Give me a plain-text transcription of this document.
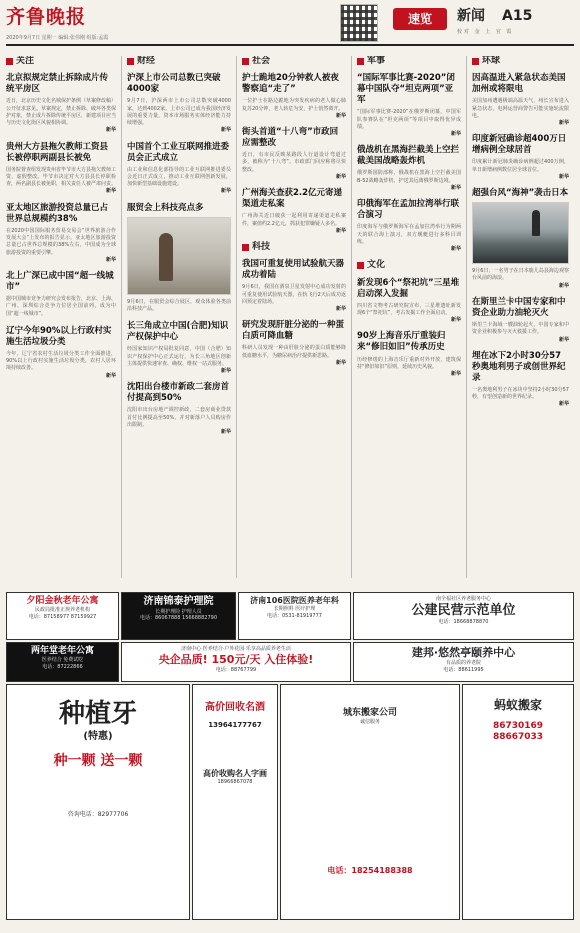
齐鲁晚报
2020年9月7日 星期一 编辑:张伟刚 组版:孟霞
速览	新闻 A15
校对 金 上 官 霞
关注
北京拟规定禁止拆除成片传统平房区

近日，北京历史文化名城保护条例（草案修改稿）公开征求意见。草案规定，禁止拆除、破坏各类保护对象，禁止成片拆除传统平房区，新建项目应当与历史文化街区风貌相协调。

新华
贵州大方县拖欠教师工资县长被停职两副县长被免

国务院督查组发现贵州省毕节市大方县拖欠教师工资，虚假整改。毕节市决定对大方县县长停职检查，两名副县长被免职，相关责任人被严肃问责。

新华
亚太地区旅游投资总量已占世界总规模约38%

在2020中国国际服务贸易交易会“世界旅游合作发展大会”上发布的报告显示，亚太地区旅游投资总量已占世界总规模的38%左右，中国成为全球旅游投资的重要引擎。

新华
北上广深已成中国“超一线城市”

据中国城市竞争力研究会发布报告，北京、上海、广州、深圳综合竞争力位居全国前列，成为中国“超一线城市”。

辽宁今年90%以上行政村实施生活垃圾分类

今年，辽宁省农村生活垃圾分类工作全面推进，90%以上行政村实施生活垃圾分类，农村人居环境持续改善。

新华
财经
沪深上市公司总数已突破4000家

9月7日，沪深两市上市公司总数突破4000家，达到4002家。上市公司已成为我国经济发展的重要力量，资本市场服务实体经济能力持续增强。

新华
中国首个工业互联网推进委员会正式成立

由工业和信息化部指导的工业互联网推进委员会近日正式成立，推动工业互联网创新发展，加快新型基础设施建设。

新华
服贸会上科技亮点多

9月6日，在服贸会综合展区，观众体验各类前沿科技产品。

长三角成立中国(合肥)知识产权保护中心

经国家知识产权局批复同意，中国（合肥）知识产权保护中心正式运行，为长三角地区创新主体提供快速审查、确权、维权一站式服务。

新华
沈阳出台楼市新政二套房首付提高到50%

沈阳市出台房地产调控新政，二套房商业贷款首付比例提高至50%，并对新落户人员购房作出限制。

新华
社会
护士跪地20分钟救人被夜警察追“走了”

一位护士在路边跪地为突发疾病的老人做心肺复苏20分钟，老人转危为安，护士悄然离开。

新华
街头首道“十八弯”市政回应需整改

近日，有市民反映某路段人行道设计弯道过多，被称为“十八弯”。市政部门回应称将尽快整改。

新华
广州海关查获2.2亿元寄递渠道走私案

广州海关近日破获一起利用寄递渠道走私案件，案值约2.2亿元，抓获犯罪嫌疑人多名。

新华
科技
我国可重复使用试验航天器成功着陆

9月6日，我国在酒泉卫星发射中心成功发射的可重复使用试验航天器，在轨飞行2天后成功返回预定着陆场。

新华
研究发现肝脏分泌的一种蛋白质可降血糖

科研人员发现一种由肝脏分泌的蛋白质能够降低血糖水平，为糖尿病治疗提供新思路。

新华
军事
“国际军事比赛-2020”闭幕中国队夺“坦克两项”亚军

“国际军事比赛-2020”在俄罗斯闭幕，中国军队参赛队在“坦克两项”等项目中取得优异成绩。

新华
俄战机在黑海拦截美上空拦截美国战略轰炸机

俄罗斯国防部称，俄战机在黑海上空拦截美国B-52战略轰炸机，护送其远离俄罗斯边境。

新华
印俄海军在孟加拉湾举行联合演习

印度海军与俄罗斯海军在孟加拉湾举行为期两天的联合海上演习，双方舰艇进行多科目训练。

新华
文化
新发现6个“祭祀坑”三星堆启动深入发掘

四川省文物考古研究院宣布，三星堆遗址新发现6个“祭祀坑”，考古发掘工作全面启动。

新华
90岁上海音乐厅重装归来“修旧如旧”传承历史

历经修缮的上海音乐厅重新对外开放，建筑保持“修旧如旧”原则，延续历史风貌。

新华
环球
因高温进入紧急状态美国加州或将限电

美国加州遭遇极端高温天气，州长宣布进入紧急状态，电网运营商警告可能实施轮流限电。

新华
印度新冠确诊超400万日增病例全球居首

印度累计新冠肺炎确诊病例超过400万例，单日新增病例数位居全球首位。

新华
超强台风“海神”袭击日本

9月6日，一名男子在日本鹿儿岛县海边观察台风前的海浪。

新华
在斯里兰卡中国专家和中资企业助力油轮灭火

斯里兰卡海域一艘油轮起火，中国专家和中资企业积极参与灭火救援工作。

新华
埋在冰下2小时30分57秒奥地利男子或创世界纪录

一名奥地利男子在冰块中坚持2小时30分57秒，有望创造新的世界纪录。

新华
夕阳金秋老年公寓
民政局批准正规养老机构
电话：87158977 87159927
济南锦泰护理院
长期护理险 护理人员
电话：86067888 15668882790
济南106医院医养老年科
长期照料 医疗护理
电话：0531-81919777
南全福社区养老服务中心
公建民营示范单位
电话：18668878870
两年堂老年公寓
医养结合 免费试吃
电话：87222866
济南中心·医养结合·户外花园·乐享高品质养老生活
央企品质! 150元/天 入住体验!
电话：88767799
建邦·悠然亭颐养中心
有品质的养老院
电话：88611995
种植牙
(特惠)
种一颗 送一颗
咨询电话：82977706
高价回收名酒
13964177767
高价收购名人字画
18966867078
城东搬家公司
诚信服务
电话：18254188388
蚂蚁搬家
86730169
88667033
